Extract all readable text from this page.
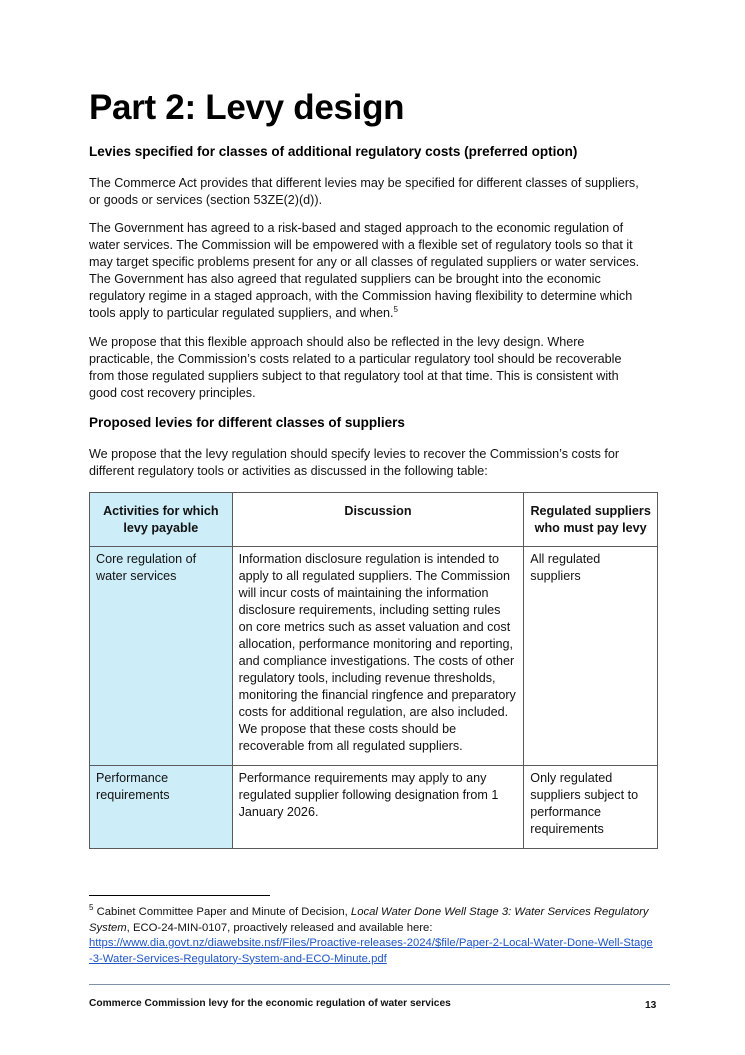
Part 2: Levy design
Levies specified for classes of additional regulatory costs (preferred option)

The Commerce Act provides that different levies may be specified for different classes of suppliers, or goods or services (section 53ZE(2)(d)).

The Government has agreed to a risk-based and staged approach to the economic regulation of water services. The Commission will be empowered with a flexible set of regulatory tools so that it may target specific problems present for any or all classes of regulated suppliers or water services. The Government has also agreed that regulated suppliers can be brought into the economic regulatory regime in a staged approach, with the Commission having flexibility to determine which tools apply to particular regulated suppliers, and when.$^5$

We propose that this flexible approach should also be reflected in the levy design. Where practicable, the Commission’s costs related to a particular regulatory tool should be recoverable from those regulated suppliers subject to that regulatory tool at that time. This is consistent with good cost recovery principles.

Proposed levies for different classes of suppliers

We propose that the levy regulation should specify levies to recover the Commission’s costs for different regulatory tools or activities as discussed in the following table:

Activities for which levy payable	Discussion	Regulated suppliers who must pay levy
Core regulation of water services	Information disclosure regulation is intended to apply to all regulated suppliers. The Commission will incur costs of maintaining the information disclosure requirements, including setting rules on core metrics such as asset valuation and cost allocation, performance monitoring and reporting, and compliance investigations. The costs of other regulatory tools, including revenue thresholds, monitoring the financial ringfence and preparatory costs for additional regulation, are also included. We propose that these costs should be recoverable from all regulated suppliers.	All regulated suppliers
Performance requirements	Performance requirements may apply to any regulated supplier following designation from 1 January 2026.	Only regulated suppliers subject to performance requirements

$^5$ Cabinet Committee Paper and Minute of Decision, Local Water Done Well Stage 3: Water Services Regulatory System, ECO-24-MIN-0107, proactively released and available here:
https://www.dia.govt.nz/diawebsite.nsf/Files/Proactive-releases-2024/$file/Paper-2-Local-Water-Done-Well-Stage-3-Water-Services-Regulatory-System-and-ECO-Minute.pdf

Commerce Commission levy for the economic regulation of water services	13
